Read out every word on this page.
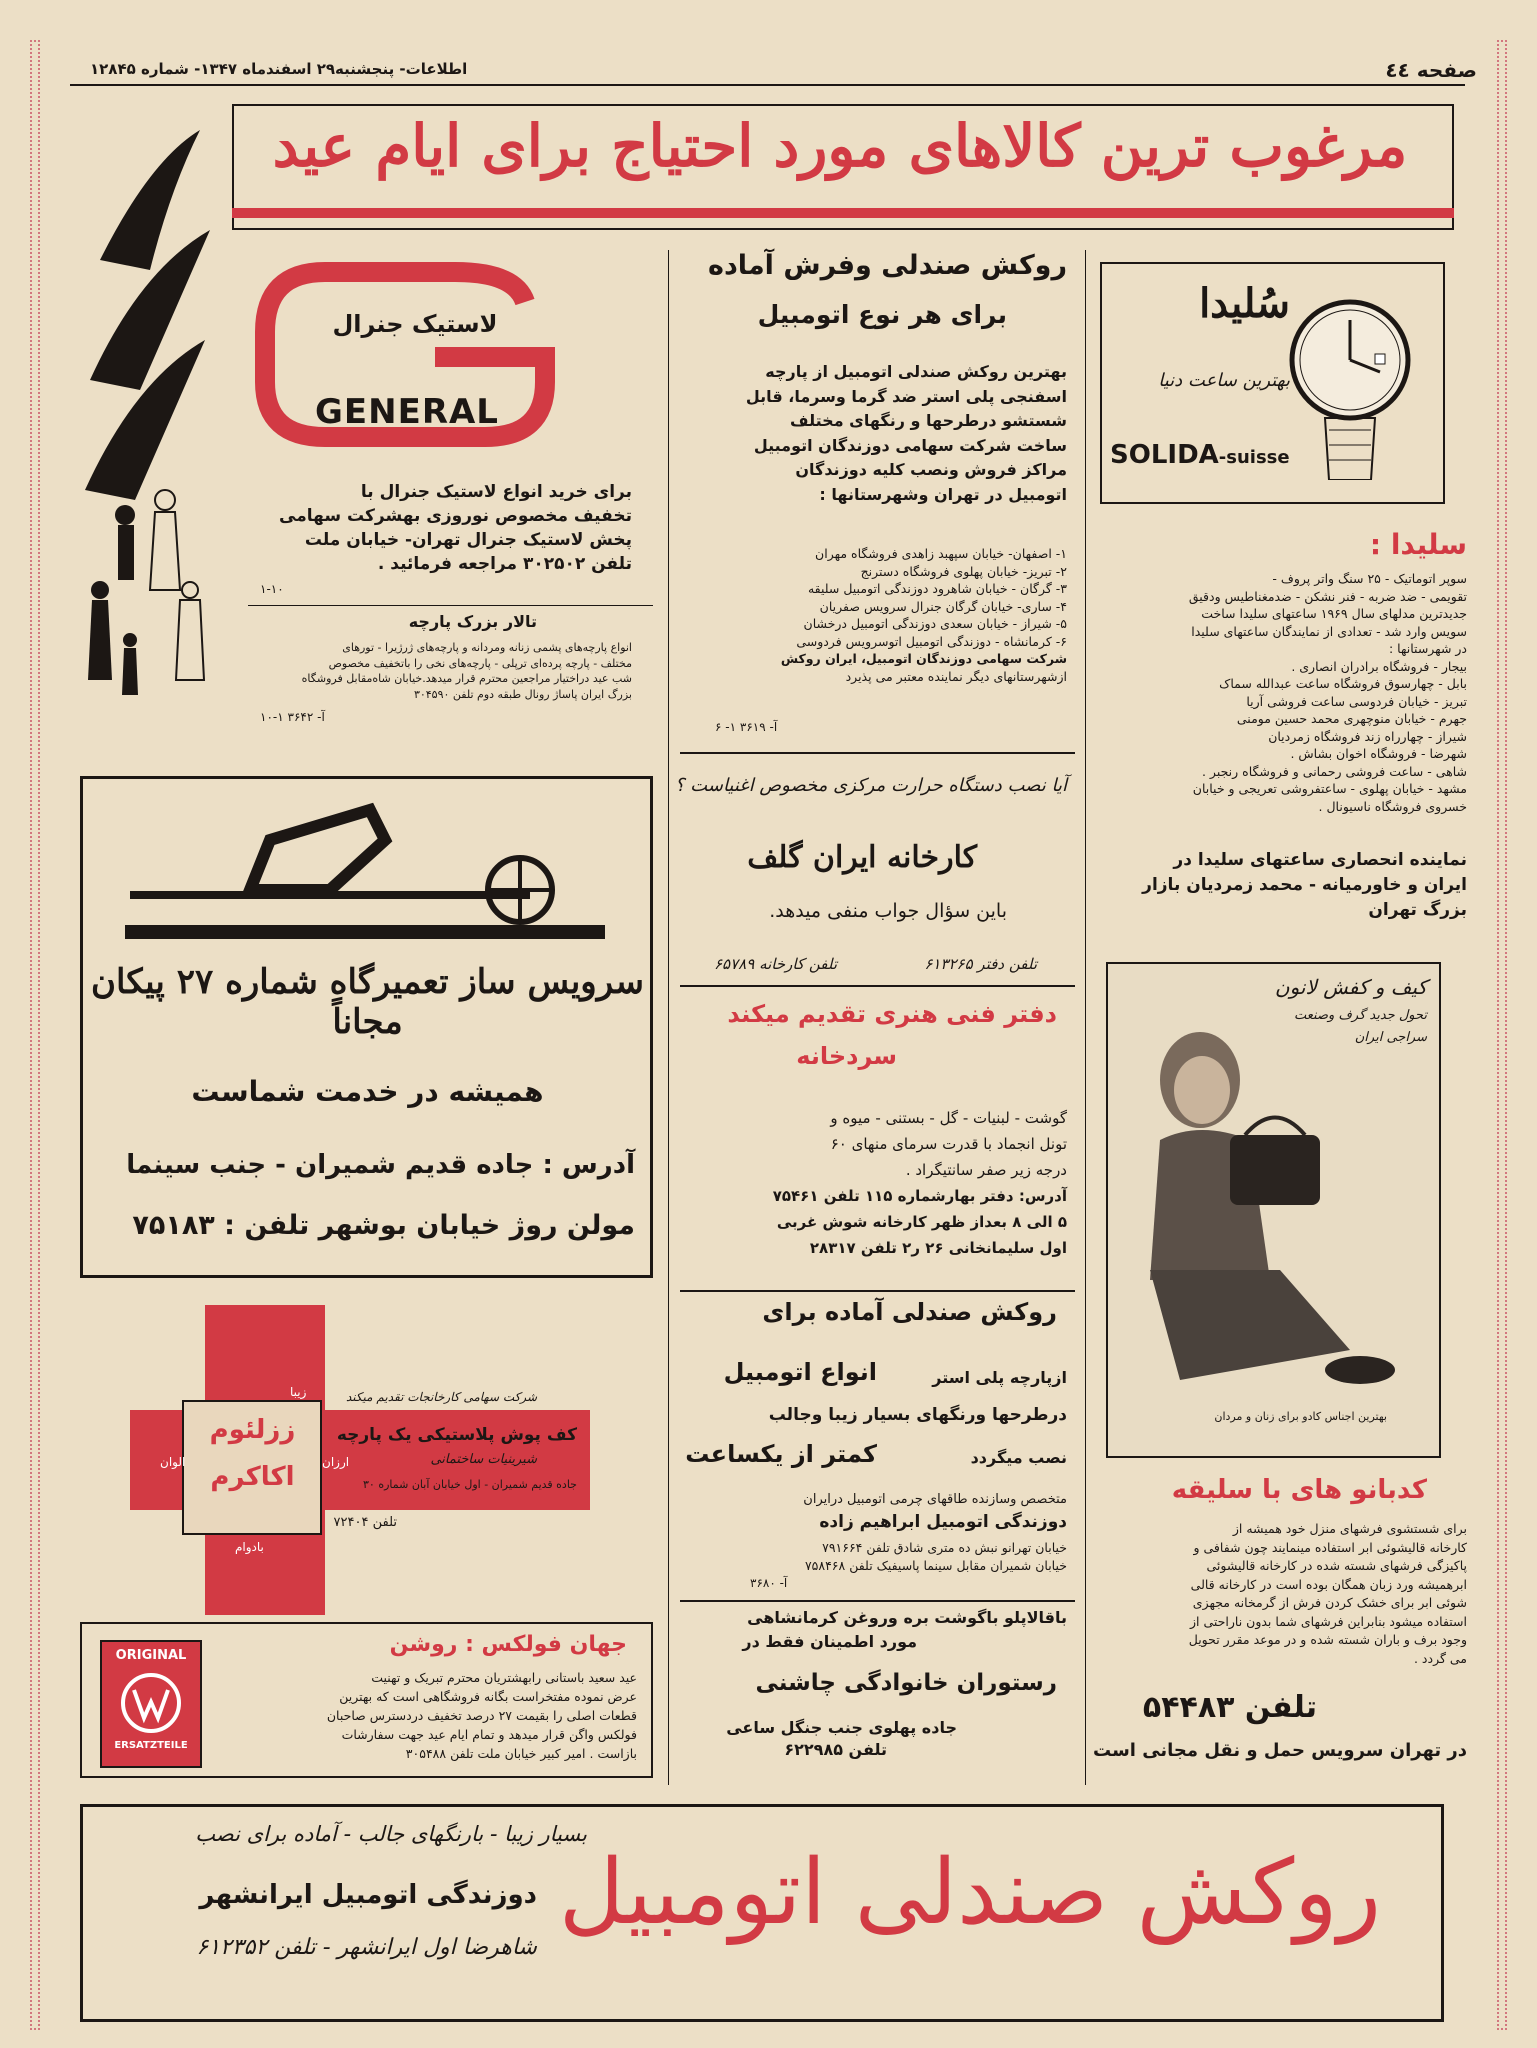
صفحه ٤٤
اطلاعات- پنجشنبه۲۹ اسفندماه ۱۳۴۷- شماره ۱۲۸۴۵
مرغوب ترین کالاهای مورد احتیاج برای ایام عید
سُلیدا
بهترین ساعت دنیا
SOLIDA-suisse
سلیدا :
سوپر اتوماتیک - ۲۵ سنگ واتر پروف -
تقویمی - ضد ضربه - فنر نشکن - ضدمغناطیس ودقیق
جدیدترین مدلهای سال ۱۹۶۹ ساعتهای سلیدا ساخت
سویس وارد شد - تعدادی از نمایندگان ساعتهای سلیدا
در شهرستانها :
بیجار - فروشگاه برادران انصاری .
بابل - چهارسوق فروشگاه ساعت عبدالله سماک
تبریز - خیابان فردوسی ساعت فروشی آریا
جهرم - خیابان منوچهری محمد حسین مومنی
شیراز - چهارراه زند فروشگاه زمردیان
شهرضا - فروشگاه اخوان بشاش .
شاهی - ساعت فروشی رحمانی و فروشگاه رنجبر .
مشهد - خیابان پهلوی - ساعتفروشی تعریجی و خیابان
خسروی فروشگاه ناسیونال .
نماینده انحصاری ساعتهای سلیدا در
ایران و خاورمیانه - محمد زمردیان بازار
بزرگ تهران
کیف و کفش لانون
تحول جدید گرف وصنعت سراجی ایران
بهترین اجناس کادو برای زنان و مردان
کدبانو های با سلیقه
برای شستشوی فرشهای منزل خود همیشه از
کارخانه قالیشوئی ابر استفاده مینمایند چون شفافی و
پاکیزگی فرشهای شسته شده در کارخانه قالیشوئی
ابرهمیشه ورد زبان همگان بوده است در کارخانه قالی
شوئی ابر برای خشک کردن فرش از گرمخانه مجهزی
استفاده میشود بنابراین فرشهای شما بدون ناراحتی از
وجود برف و باران شسته شده و در موعد مقرر تحویل
می گردد .
تلفن ۵۴۴۸۳
در تهران سرویس حمل و نقل مجانی است
روکش صندلی وفرش آماده
برای هر نوع اتومبیل
بهترین روکش صندلی اتومبیل از پارچه
اسفنجی پلی استر ضد گرما وسرما، قابل
شستشو درطرحها و رنگهای مختلف
ساخت شرکت سهامی دوزندگان اتومبیل
مراکز فروش ونصب کلیه دوزندگان
اتومبیل در تهران وشهرستانها :
۱- اصفهان- خیابان سپهبد زاهدی فروشگاه مهران
۲- تبریز- خیابان پهلوی فروشگاه دسترنج
۳- گرگان - خیابان شاهرود دوزندگی اتومبیل سلیقه
۴- ساری- خیابان گرگان جنرال سرویس صفریان
۵- شیراز - خیابان سعدی دوزندگی اتومبیل درخشان
۶- کرمانشاه - دوزندگی اتومبیل اتوسرویس فردوسی
شرکت سهامی دوزندگان اتومبیل، ایران روکش
ازشهرستانهای دیگر نماینده معتبر می پذیرد
آ- ۳۶۱۹ ۱- ۶
آیا نصب دستگاه حرارت مرکزی مخصوص اغنیاست ؟
کارخانه ایران گلف
باین سؤال جواب منفی میدهد.
تلفن دفتر ۶۱۳۲۶۵
تلفن کارخانه ۶۵۷۸۹
دفتر فنی هنری تقدیم میکند
سردخانه
گوشت - لبنیات - گل - بستنی - میوه و
تونل انجماد با قدرت سرمای منهای ۶۰
درجه زیر صفر سانتیگراد .
آدرس: دفتر بهارشماره ۱۱۵ تلفن ۷۵۴۶۱
۵ الی ۸ بعداز ظهر کارخانه شوش غربی
اول سلیمانخانی ۲۶ ر۲ تلفن ۲۸۳۱۷
روکش صندلی آماده برای
انواع اتومبیل	ازپارچه پلی استر
درطرحها ورنگهای بسیار زیبا وجالب
کمتر از یکساعت	نصب میگردد
متخصص وسازنده طاقهای چرمی اتومبیل درایران
دوزندگی اتومبیل ابراهیم زاده
خیابان تهرانو نبش ده متری شادق تلفن ۷۹۱۶۶۴
خیابان شمیران مقابل سینما پاسیفیک تلفن ۷۵۸۴۶۸
آ- ۳۶۸۰
باقالاپلو باگوشت بره وروغن کرمانشاهی
مورد اطمینان فقط در
رستوران خانوادگی چاشنی
جاده پهلوی جنب جنگل ساعی
تلفن ۶۲۲۹۸۵
لاستیک جنرال
GENERAL
برای خرید انواع لاستیک جنرال با
تخفیف مخصوص نوروزی بهشرکت سهامی
پخش لاستیک جنرال تهران- خیابان ملت
تلفن ۳۰۲۵۰۲ مراجعه فرمائید .
۱-۱۰
تالار بزرک پارچه
انواع پارچه‌های پشمی زنانه ومردانه و پارچه‌های ژرژیرا - تورهای
مختلف - پارچه پرده‌ای ترپلی - پارچه‌های نخی را باتخفیف مخصوص
شب عید دراختیار مراجعین محترم قرار میدهد.خیابان شاه‌مقابل فروشگاه
بزرگ ایران پاساژ رونال طبقه دوم تلفن ۳۰۴۵۹۰
آ- ۳۶۴۲ ۱-۱۰
سرویس ساز تعمیرگاه شماره ۲۷ پیکان مجاناً
همیشه در خدمت شماست
آدرس : جاده قدیم شمیران - جنب سینما
مولن روژ خیابان بوشهر تلفن : ۷۵۱۸۳
شرکت سهامی کارخانجات تقدیم میکند
ززلئوم
اکاکرم
زیبا
ارزان
الوان
بادوام
کف پوش پلاستیکی یک پارچه
شیرینیات ساختمانی
جاده قدیم شمیران - اول خیابان آبان شماره ۳۰
تلفن ۷۲۴۰۴
ORIGINAL
ERSATZTEILE
جهان فولکس : روشن
عید سعید باستانی رابهشتریان محترم تبریک و تهنیت
عرض نموده مفتخراست بگانه فروشگاهی است که بهترین
قطعات اصلی را بقیمت ۲۷ درصد تخفیف دردسترس صاحبان
فولکس واگن قرار میدهد و تمام ایام عید جهت سفارشات
بازاست . امیر کبیر خیابان ملت تلفن ۳۰۵۴۸۸
روکش صندلی اتومبیل
بسیار زیبا - بارنگهای جالب - آماده برای نصب
دوزندگی اتومبیل ایرانشهر
شاهرضا اول ایرانشهر - تلفن ۶۱۲۳۵۲
